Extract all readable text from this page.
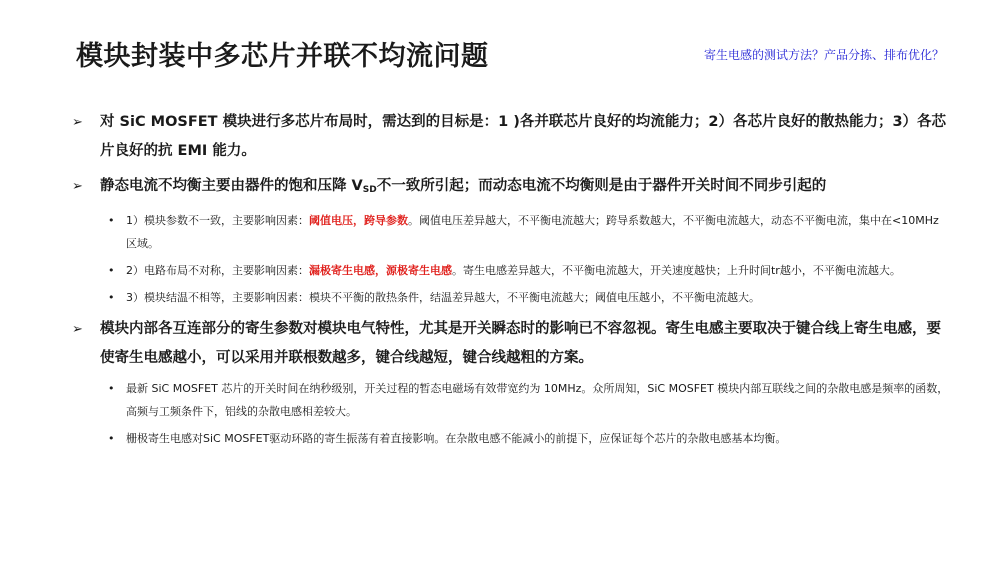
模块封装中多芯片并联不均流问题	寄生电感的测试方法？产品分拣、排布优化？
➢ 对 SiC MOSFET 模块进行多芯片布局时，需达到的目标是：1 )各并联芯片良好的均流能力；2）各芯片良好的散热能力；3）各芯片良好的抗 EMI 能力。
➢ 静态电流不均衡主要由器件的饱和压降 $V_{SD}$不一致所引起；而动态电流不均衡则是由于器件开关时间不同步引起的
• 1）模块参数不一致，主要影响因素：阈值电压，跨导参数。阈值电压差异越大，不平衡电流越大；跨导系数越大，不平衡电流越大，动态不平衡电流，集中在<10MHz 区域。
• 2）电路布局不对称，主要影响因素：漏极寄生电感，源极寄生电感。寄生电感差异越大，不平衡电流越大，开关速度越快；上升时间tr越小，不平衡电流越大。
• 3）模块结温不相等，主要影响因素：模块不平衡的散热条件，结温差异越大，不平衡电流越大；阈值电压越小，不平衡电流越大。
➢ 模块内部各互连部分的寄生参数对模块电气特性，尤其是开关瞬态时的影响已不容忽视。寄生电感主要取决于键合线上寄生电感，要使寄生电感越小，可以采用并联根数越多，键合线越短，键合线越粗的方案。
• 最新 SiC MOSFET 芯片的开关时间在纳秒级别，开关过程的暂态电磁场有效带宽约为 10MHz。众所周知，SiC MOSFET 模块内部互联线之间的杂散电感是频率的函数，高频与工频条件下，铝线的杂散电感相差较大。
• 栅极寄生电感对SiC MOSFET驱动环路的寄生振荡有着直接影响。在杂散电感不能减小的前提下，应保证每个芯片的杂散电感基本均衡。
